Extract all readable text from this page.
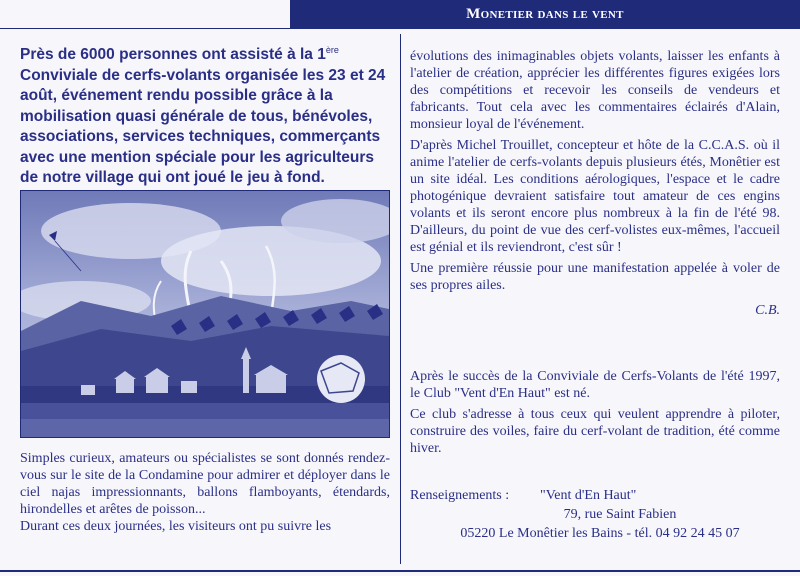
Monetier dans le vent

Près de 6000 personnes ont assisté à la 1ère Conviviale de cerfs-volants organisée les 23 et 24 août, événement rendu possible grâce à la mobilisation quasi générale de tous, bénévoles, associations, services techniques, commerçants avec une mention spéciale pour les agriculteurs de notre village qui ont joué le jeu à fond.

Simples curieux, amateurs ou spécialistes se sont donnés rendez-vous sur le site de la Condamine pour admirer et déployer dans le ciel najas impressionnants, ballons flamboyants, étendards, hirondelles et arêtes de poisson...

Durant ces deux journées, les visiteurs ont pu suivre les

évolutions des inimaginables objets volants, laisser les enfants à l'atelier de création, apprécier les différentes figures exigées lors des compétitions et recevoir les conseils de vendeurs et fabricants. Tout cela avec les commentaires éclairés d'Alain, monsieur loyal de l'événement.

D'après Michel Trouillet, concepteur et hôte de la C.C.A.S. où il anime l'atelier de cerfs-volants depuis plusieurs étés, Monêtier est un site idéal. Les conditions aérologiques, l'espace et le cadre photogénique devraient satisfaire tout amateur de ces engins volants et ils seront encore plus nombreux à la fin de l'été 98. D'ailleurs, du point de vue des cerf-volistes eux-mêmes, l'accueil est génial et ils reviendront, c'est sûr !

Une première réussie pour une manifestation appelée à voler de ses propres ailes.

C.B.

Après le succès de la Conviviale de Cerfs-Volants de l'été 1997, le Club "Vent d'En Haut" est né.

Ce club s'adresse à tous ceux qui veulent apprendre à piloter, construire des voiles, faire du cerf-volant de tradition, été comme hiver.

Renseignements :	"Vent d'En Haut"
79, rue Saint Fabien
05220 Le Monêtier les Bains - tél. 04 92 24 45 07
